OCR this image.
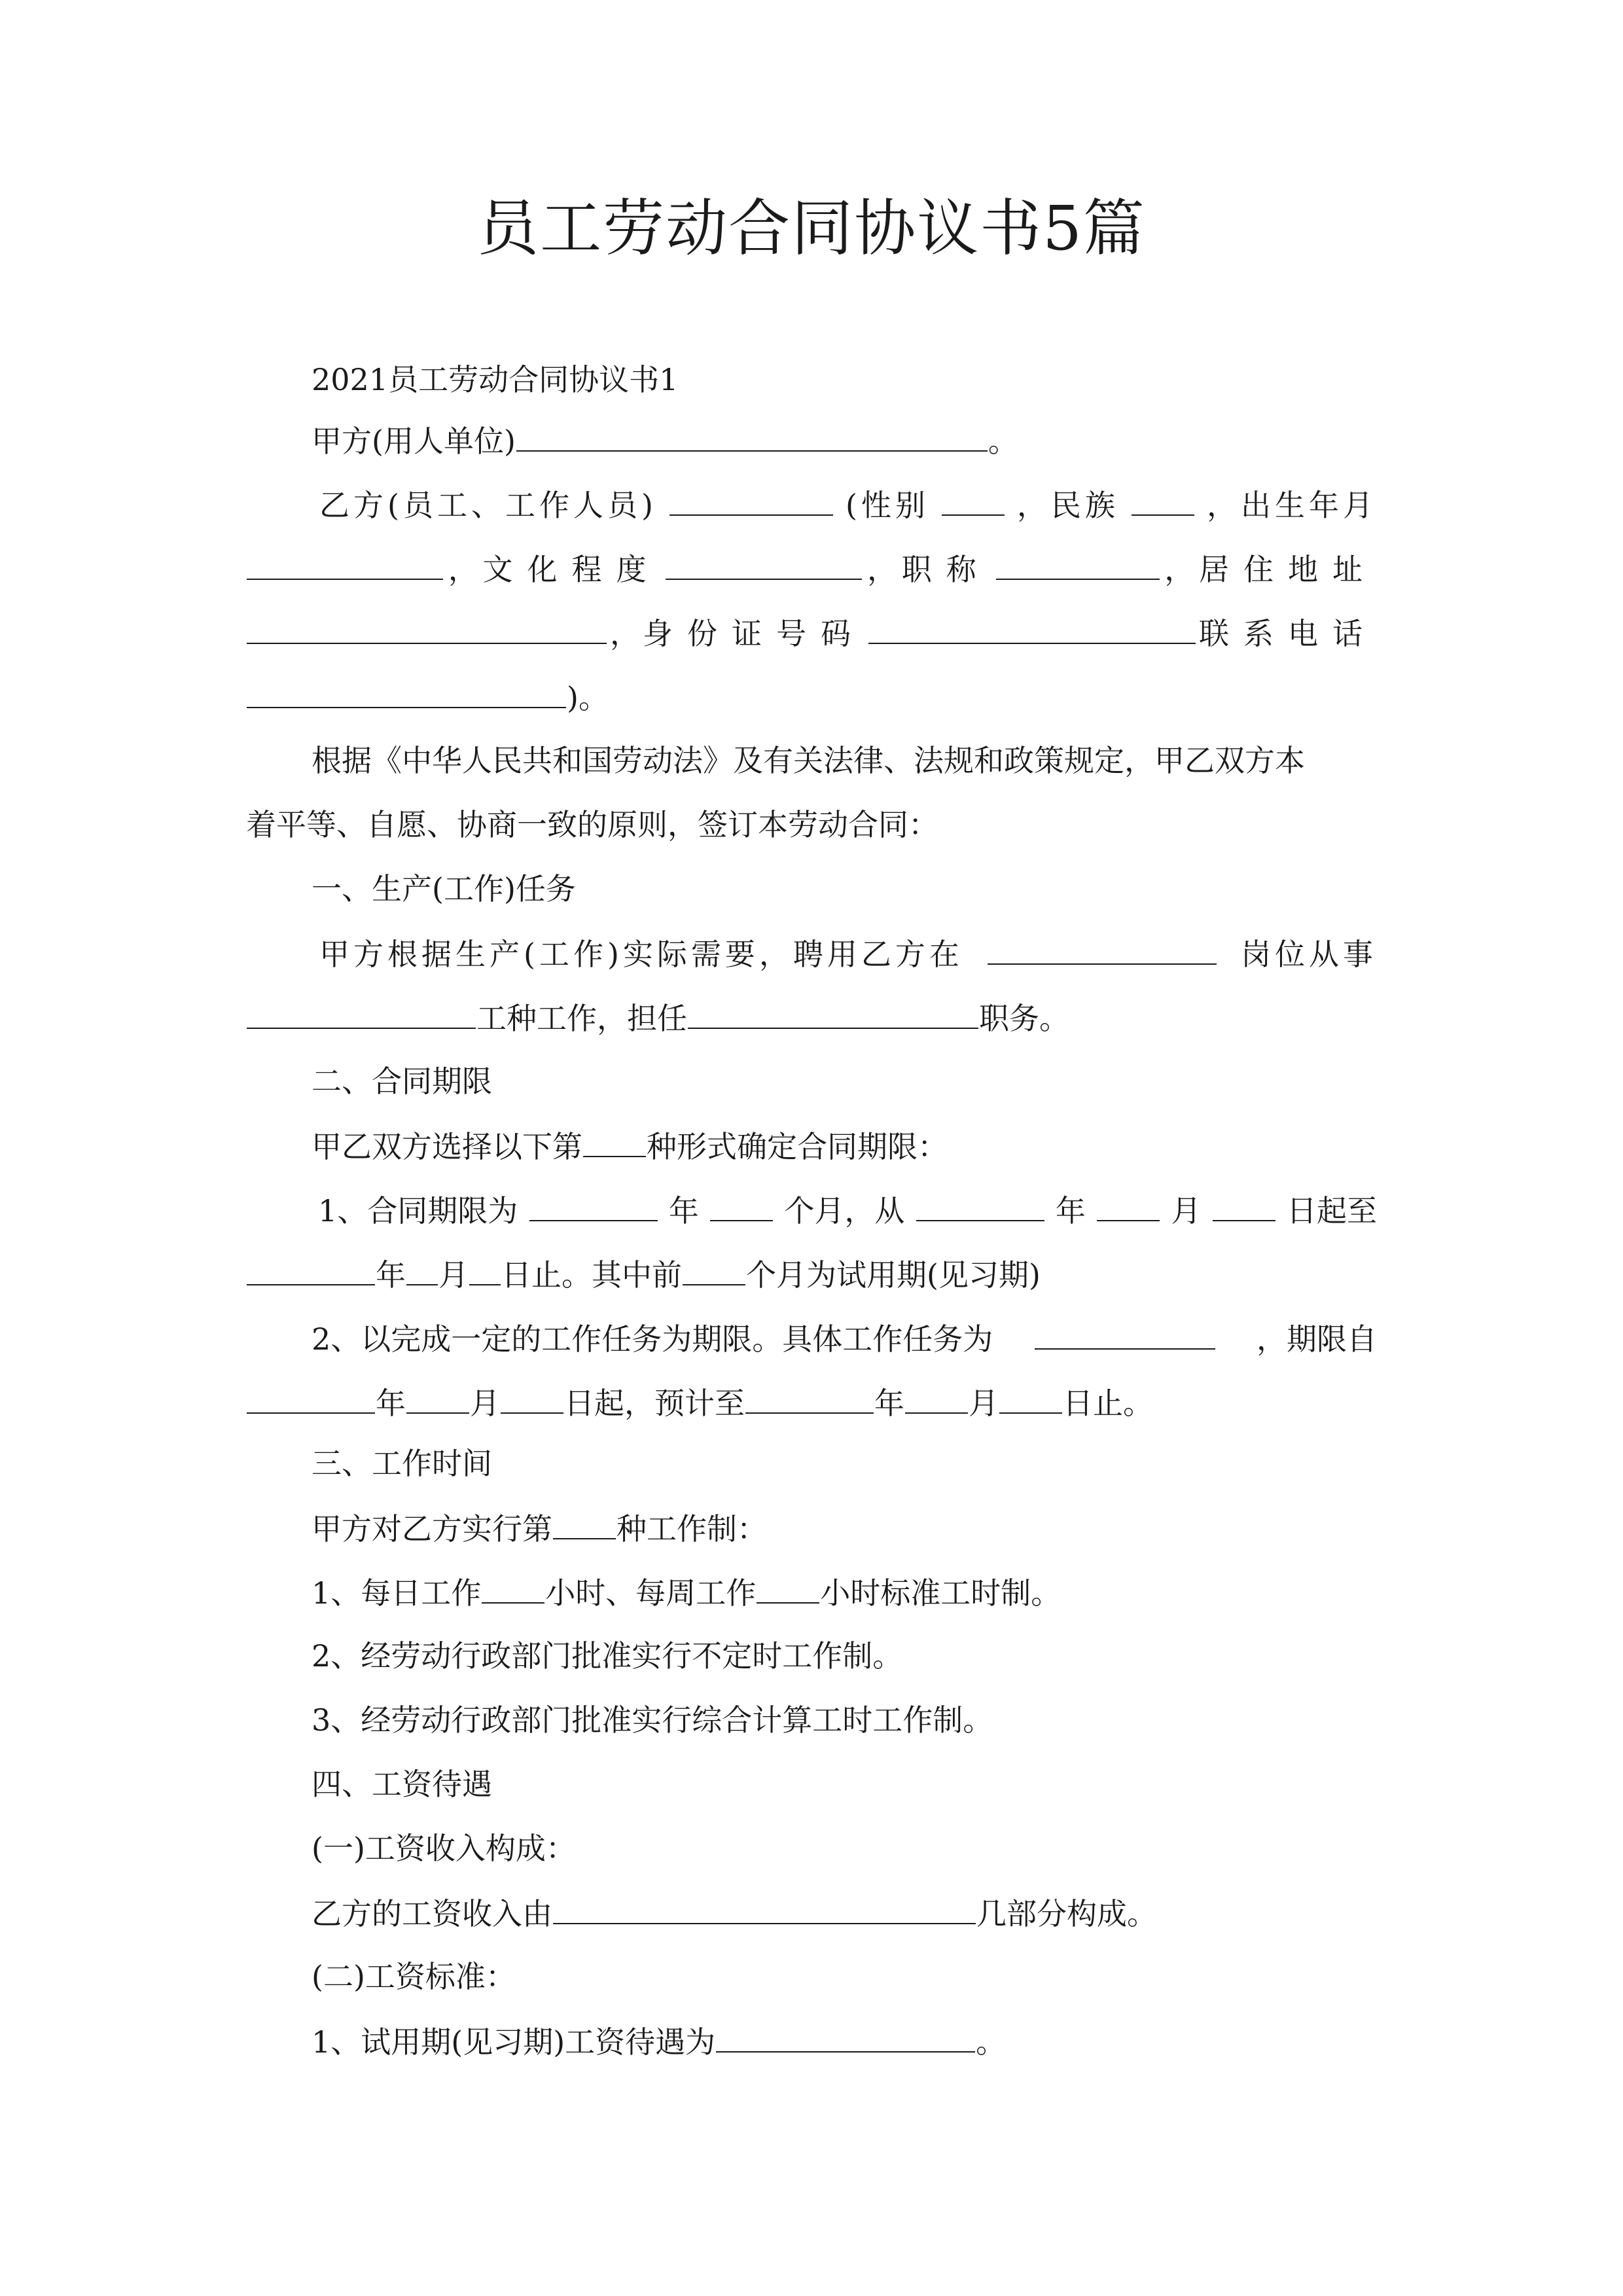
员工劳动合同协议书5篇
2021员工劳动合同协议书1
甲方(用人单位)	。
乙方(员工、工作人员)	(性别	，民族	，出生年月
， 文化程度	， 职称	， 居住地址
， 身份证号码	联系电话
)。
根据《中华人民共和国劳动法》及有关法律、法规和政策规定，甲乙双方本
着平等、自愿、协商一致的原则，签订本劳动合同：
一、生产(工作)任务
甲方根据生产(工作)实际需要，聘用乙方在	岗位从事
工种工作，担任	职务。
二、合同期限
甲乙双方选择以下第 种形式确定合同期限：
1、合同期限为	年	个月，从	年	月	日起至
年 月 日止。其中前 个月为试用期(见习期)
2、以完成一定的工作任务为期限。具体工作任务为	，期限自
年 月 日起，预计至	年 月 日止。
三、工作时间
甲方对乙方实行第 种工作制：
1、每日工作 小时、每周工作 小时标准工时制。
2、经劳动行政部门批准实行不定时工作制。
3、经劳动行政部门批准实行综合计算工时工作制。
四、工资待遇
(一)工资收入构成：
乙方的工资收入由	几部分构成。
(二)工资标准：
1、试用期(见习期)工资待遇为	。
